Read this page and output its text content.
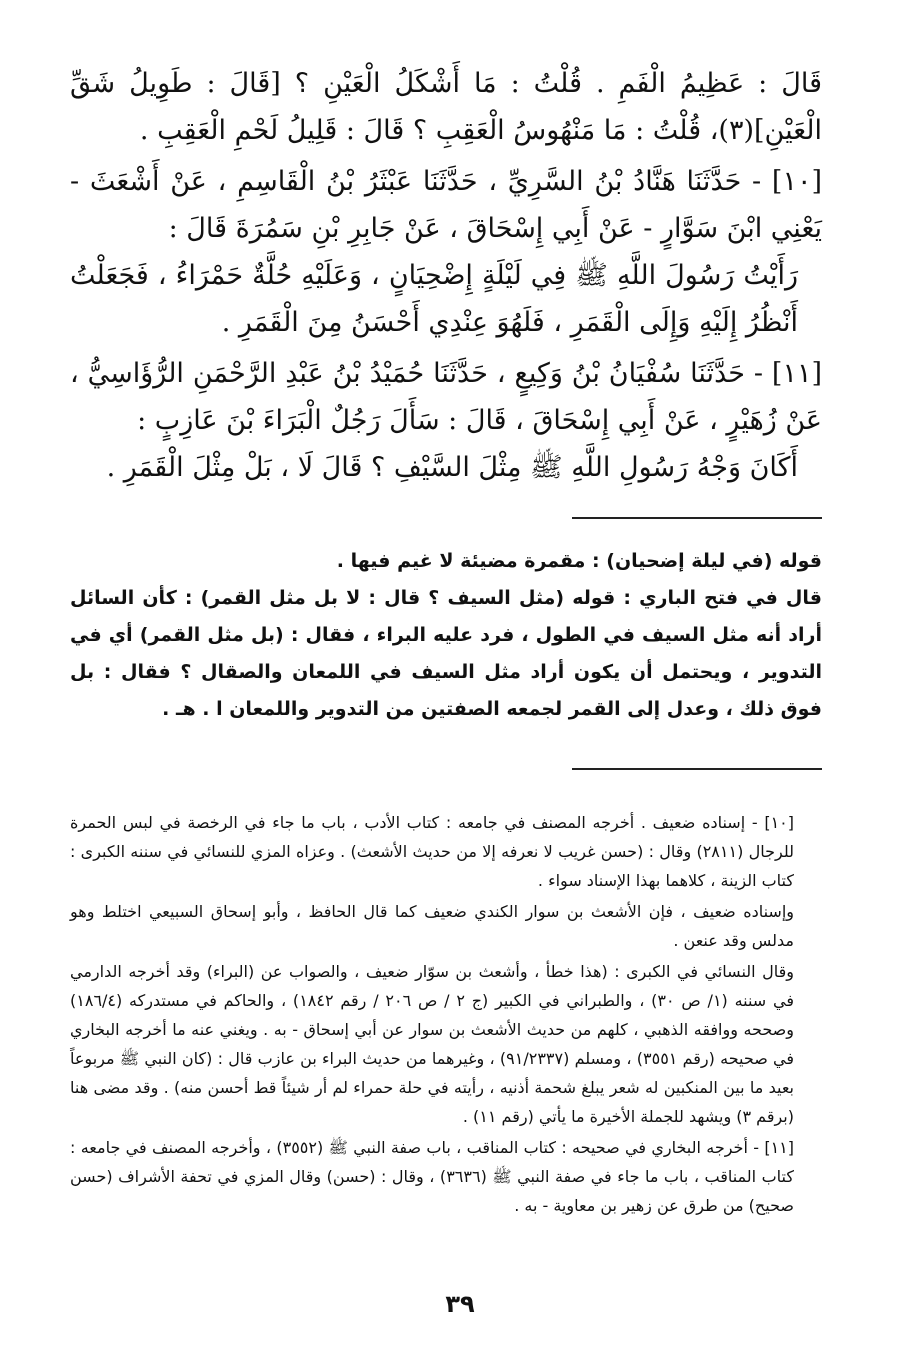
قَالَ : عَظِيمُ الْفَمِ . قُلْتُ : مَا أَشْكَلُ الْعَيْنِ ؟ [قَالَ : طَوِيلُ شَقِّ الْعَيْنِ](٣)، قُلْتُ : مَا مَنْهُوسُ الْعَقِبِ ؟ قَالَ : قَلِيلُ لَحْمِ الْعَقِبِ .

[١٠] - حَدَّثَنَا هَنَّادُ بْنُ السَّرِيِّ ، حَدَّثَنَا عَبْثَرُ بْنُ الْقَاسِمِ ، عَنْ أَشْعَثَ - يَعْنِي ابْنَ سَوَّارٍ - عَنْ أَبِي إِسْحَاقَ ، عَنْ جَابِرِ بْنِ سَمُرَةَ قَالَ :

رَأَيْتُ رَسُولَ اللَّهِ ﷺ فِي لَيْلَةٍ إِضْحِيَانٍ ، وَعَلَيْهِ حُلَّةٌ حَمْرَاءُ ، فَجَعَلْتُ أَنْظُرُ إِلَيْهِ وَإِلَى الْقَمَرِ ، فَلَهُوَ عِنْدِي أَحْسَنُ مِنَ الْقَمَرِ .

[١١] - حَدَّثَنَا سُفْيَانُ بْنُ وَكِيعٍ ، حَدَّثَنَا حُمَيْدُ بْنُ عَبْدِ الرَّحْمَنِ الرُّؤَاسِيُّ ، عَنْ زُهَيْرٍ ، عَنْ أَبِي إِسْحَاقَ ، قَالَ : سَأَلَ رَجُلٌ الْبَرَاءَ بْنَ عَازِبٍ :

أَكَانَ وَجْهُ رَسُولِ اللَّهِ ﷺ مِثْلَ السَّيْفِ ؟ قَالَ لَا ، بَلْ مِثْلَ الْقَمَرِ .

قوله (في ليلة إضحيان) : مقمرة مضيئة لا غيم فيها .

قال في فتح الباري : قوله (مثل السيف ؟ قال : لا بل مثل القمر) : كأن السائل أراد أنه مثل السيف في الطول ، فرد عليه البراء ، فقال : (بل مثل القمر) أي في التدوير ، ويحتمل أن يكون أراد مثل السيف في اللمعان والصقال ؟ فقال : بل فوق ذلك ، وعدل إلى القمر لجمعه الصفتين من التدوير واللمعان ا . هـ .

[١٠] - إسناده ضعيف . أخرجه المصنف في جامعه : كتاب الأدب ، باب ما جاء في الرخصة في لبس الحمرة للرجال (٢٨١١) وقال : (حسن غريب لا نعرفه إلا من حديث الأشعث) . وعزاه المزي للنسائي في سننه الكبرى : كتاب الزينة ، كلاهما بهذا الإسناد سواء .

وإسناده ضعيف ، فإن الأشعث بن سوار الكندي ضعيف كما قال الحافظ ، وأبو إسحاق السبيعي اختلط وهو مدلس وقد عنعن .

وقال النسائي في الكبرى : (هذا خطأ ، وأشعث بن سوّار ضعيف ، والصواب عن (البراء) وقد أخرجه الدارمي في سننه (١/ ص ٣٠) ، والطبراني في الكبير (ج ٢ / ص ٢٠٦ / رقم ١٨٤٢) ، والحاكم في مستدركه (١٨٦/٤) وصححه ووافقه الذهبي ، كلهم من حديث الأشعث بن سوار عن أبي إسحاق - به . ويغني عنه ما أخرجه البخاري في صحيحه (رقم ٣٥٥١) ، ومسلم (٩١/٢٣٣٧) ، وغيرهما من حديث البراء بن عازب قال : (كان النبي ﷺ مربوعاً بعيد ما بين المنكبين له شعر يبلغ شحمة أذنيه ، رأيته في حلة حمراء لم أر شيئاً قط أحسن منه) . وقد مضى هنا (برقم ٣) ويشهد للجملة الأخيرة ما يأتي (رقم ١١) .

[١١] - أخرجه البخاري في صحيحه : كتاب المناقب ، باب صفة النبي ﷺ (٣٥٥٢) ، وأخرجه المصنف في جامعه : كتاب المناقب ، باب ما جاء في صفة النبي ﷺ (٣٦٣٦) ، وقال : (حسن) وقال المزي في تحفة الأشراف (حسن صحيح) من طرق عن زهير بن معاوية - به .

٣٩
